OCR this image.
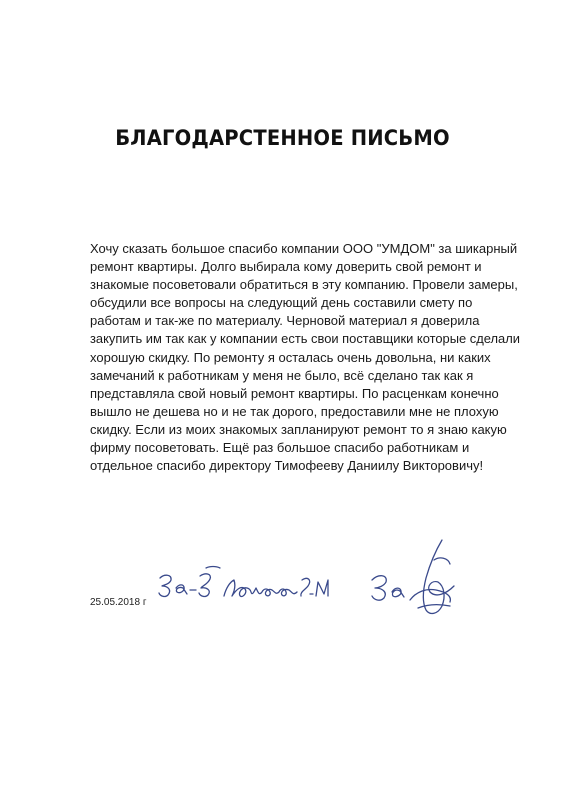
БЛАГОДАРСТЕННОЕ ПИСЬМО
Хочу сказать большое спасибо компании ООО "УМДОМ" за шикарный
ремонт квартиры. Долго выбирала кому доверить свой ремонт и
знакомые посоветовали обратиться в эту компанию. Провели замеры,
обсудили все вопросы на следующий день составили смету по
работам и так-же по материалу. Черновой материал я доверила
закупить им так как у компании есть свои поставщики которые сделали
хорошую скидку. По ремонту я осталась очень довольна, ни каких
замечаний к работникам у меня не было, всё сделано так как я
представляла свой новый ремонт квартиры. По расценкам конечно
вышло не дешева но и не так дорого, предоставили мне не плохую
скидку. Если из моих знакомых запланируют ремонт то я знаю какую
фирму посоветовать. Ещё раз большое спасибо работникам и
отдельное спасибо директору Тимофееву Даниилу Викторовичу!
25.05.2018 г
